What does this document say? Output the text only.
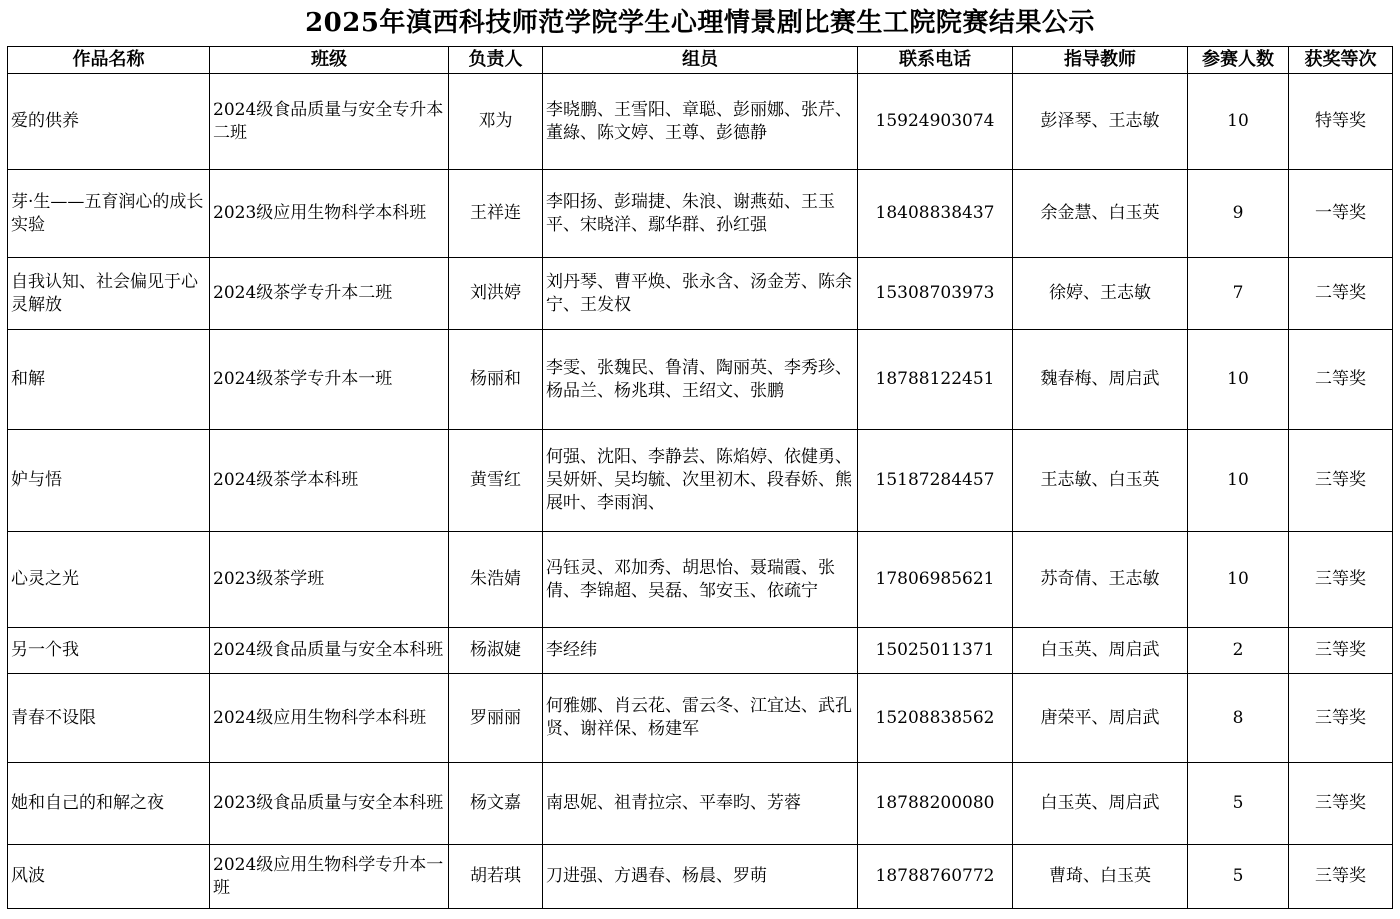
2025年滇西科技师范学院学生心理情景剧比赛生工院院赛结果公示
作品名称	班级	负责人	组员	联系电话	指导教师	参赛人数	获奖等次
爱的供养	2024级食品质量与安全专升本二班	邓为	李晓鹏、王雪阳、章聪、彭丽娜、张芹、董綠、陈文婷、王尊、彭德静	15924903074	彭泽琴、王志敏	10	特等奖
芽·生——五育润心的成长实验	2023级应用生物科学本科班	王祥连	李阳扬、彭瑞捷、朱浪、谢燕茹、王玉平、宋晓洋、鄢华群、孙红强	18408838437	余金慧、白玉英	9	一等奖
自我认知、社会偏见于心灵解放	2024级茶学专升本二班	刘洪婷	刘丹琴、曹平焕、张永含、汤金芳、陈余宁、王发权	15308703973	徐婷、王志敏	7	二等奖
和解	2024级茶学专升本一班	杨丽和	李雯、张魏民、鲁清、陶丽英、李秀珍、杨品兰、杨兆琪、王绍文、张鹏	18788122451	魏春梅、周启武	10	二等奖
妒与悟	2024级茶学本科班	黄雪红	何强、沈阳、李静芸、陈焰婷、依健勇、吴妍妍、吴均毓、次里初木、段春娇、熊展叶、李雨润、	15187284457	王志敏、白玉英	10	三等奖
心灵之光	2023级茶学班	朱浩婧	冯钰灵、邓加秀、胡思怡、聂瑞霞、张倩、李锦超、吴磊、邹安玉、依疏宁	17806985621	苏奇倩、王志敏	10	三等奖
另一个我	2024级食品质量与安全本科班	杨淑婕	李经纬	15025011371	白玉英、周启武	2	三等奖
青春不设限	2024级应用生物科学本科班	罗丽丽	何雅娜、肖云花、雷云冬、江宜达、武孔贤、谢祥保、杨建军	15208838562	唐荣平、周启武	8	三等奖
她和自己的和解之夜	2023级食品质量与安全本科班	杨文嘉	南思妮、祖青拉宗、平奉昀、芳蓉	18788200080	白玉英、周启武	5	三等奖
风波	2024级应用生物科学专升本一班	胡若琪	刀进强、方遇春、杨晨、罗萌	18788760772	曹琦、白玉英	5	三等奖
